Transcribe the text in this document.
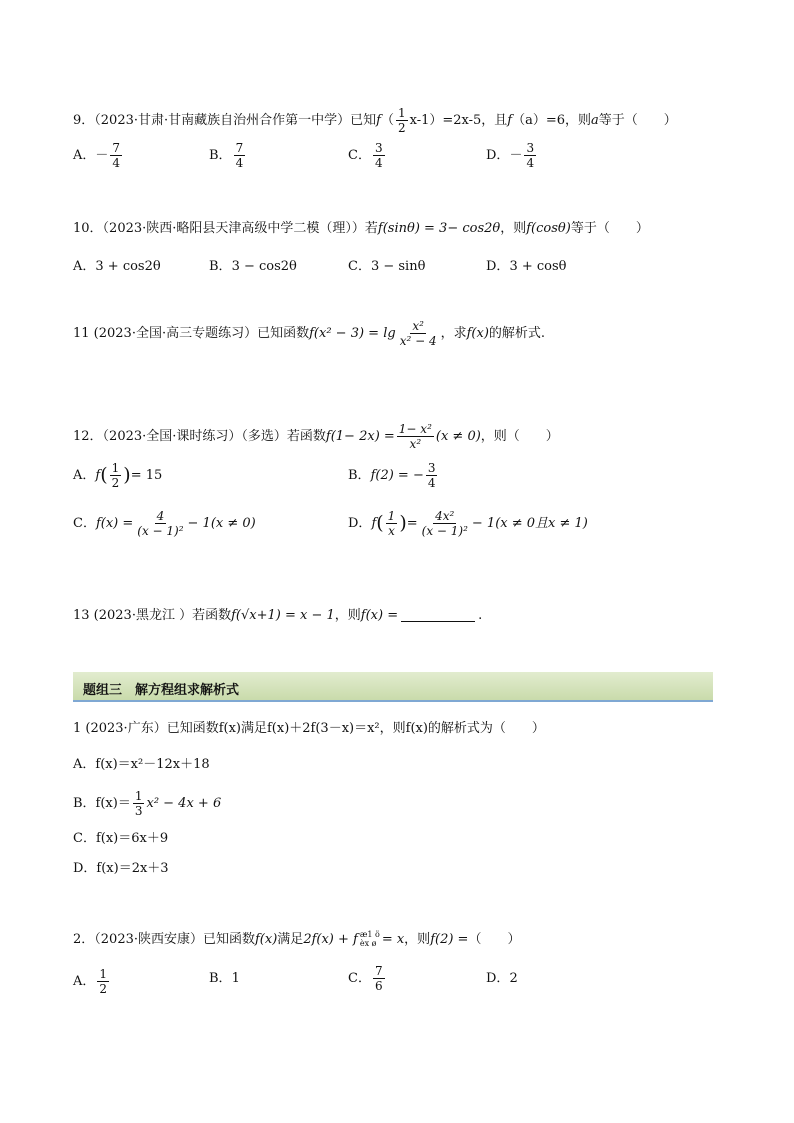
9．（2023·甘肃·甘南藏族自治州合作第一中学）已知 f （ $\frac{1}{2} x-1)=2x-5$，且 f （a）=6，则 a 等于（　　）
A． － $\frac{7}{4}$	B． $\frac{7}{4}$	C． $\frac{3}{4}$	D． － $\frac{3}{4}$
10．（2023·陕西·略阳县天津高级中学二模（理））若 f(sinθ) = 3− cos2θ ，则 f(cosθ) 等于（　　）
A． 3 + cos2θ	B． 3 − cos2θ	C． 3 − sinθ	D． 3 + cosθ
11 (2023·全国·高三专题练习）已知函数 $f(x^2 - 3) = \lg \frac{\text{x²}}{\text{x² − 4}}$ ，求 f(x) 的解析式.
12．（2023·全国·课时练习）（多选）若函数 $f(1- 2x) = \frac{\text{1− x²}}{\text{x²}} (x \ne 0)$ ，则（　　）
A． f ( $\frac{1}{2}$ ) = 15	B． f(2) = − $\frac{3}{4}$
C． $f(x) = \frac{4}{\text{(x − 1)²}} - 1(x \ne 0)$	D． f ( $\frac{1}{x}$ ) = $\frac{\text{4x²}}{\text{(x − 1)²}} - 1(x \ne 0$且x ≠ 1)
13 (2023·黑龙江 ）若函数 f(√x+1) = x − 1 ，则 f(x) =	.
题组三　解方程组求解析式
1 (2023·广东）已知函数f(x)满足f(x)＋2f(3－x)＝x²，则f(x)的解析式为（　　）
A．f(x)＝x²－12x＋18
B．$f(x)= \frac{1}{3} x^2 - 4x + 6$
C．f(x)＝6x＋9
D．f(x)＝2x＋3
2．（2023·陕西安康）已知函数 f(x) 满足 2f(x) + f æ1 ö
èx ø = x ，则 f(2) = （　　）
A． $\frac{1}{2}$	B． 1	C． $\frac{7}{6}$	D． 2
